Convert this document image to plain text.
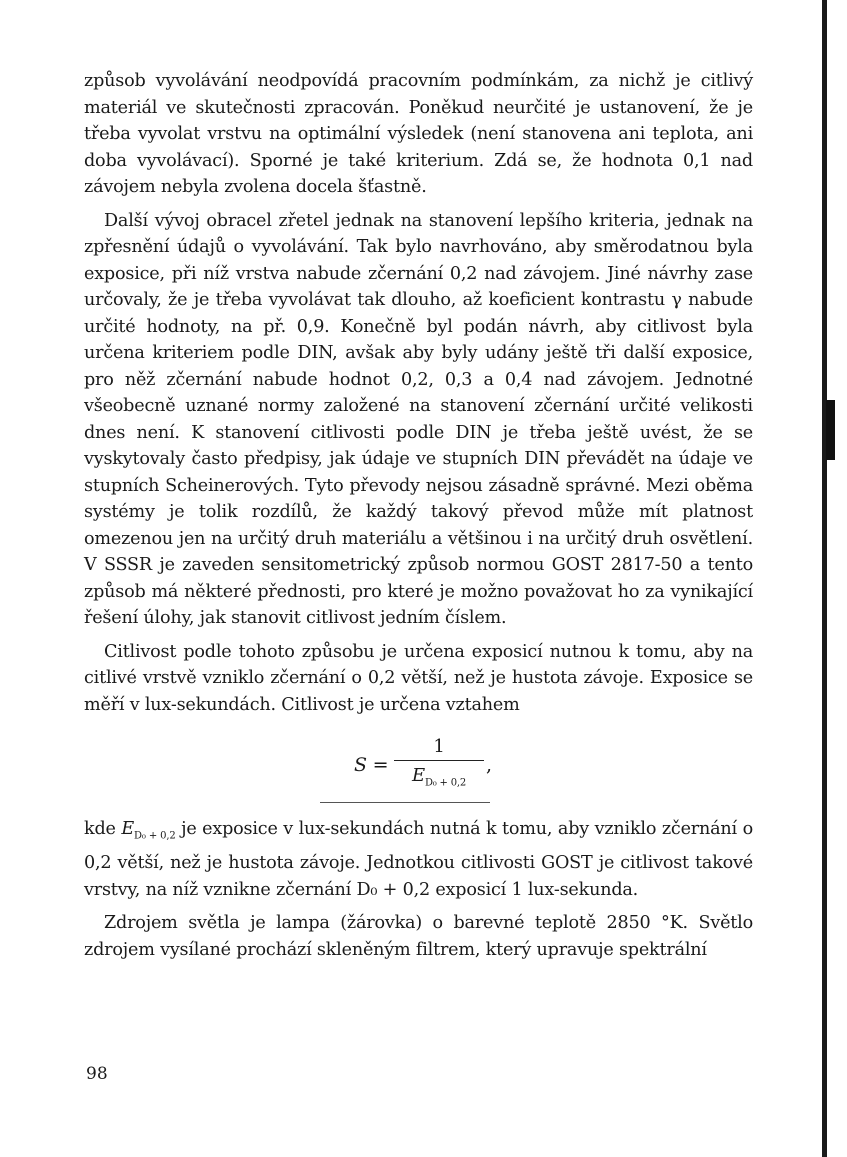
způsob vyvolávání neodpovídá pracovním podmínkám, za nichž je citlivý materiál ve skutečnosti zpracován. Poněkud neurčité je ustanovení, že je třeba vyvolat vrstvu na optimální výsledek (není stanovena ani teplota, ani doba vyvolávací). Sporné je také kriterium. Zdá se, že hodnota 0,1 nad závojem nebyla zvolena docela šťastně.

Další vývoj obracel zřetel jednak na stanovení lepšího kriteria, jednak na zpřesnění údajů o vyvolávání. Tak bylo navrhováno, aby směrodatnou byla exposice, při níž vrstva nabude zčernání 0,2 nad závojem. Jiné návrhy zase určovaly, že je třeba vyvolávat tak dlouho, až koeficient kontrastu γ nabude určité hodnoty, na př. 0,9. Konečně byl podán návrh, aby citlivost byla určena kriteriem podle DIN, avšak aby byly udány ještě tři další exposice, pro něž zčernání nabude hodnot 0,2, 0,3 a 0,4 nad závojem. Jednotné všeobecně uznané normy založené na stanovení zčernání určité velikosti dnes není. K stanovení citlivosti podle DIN je třeba ještě uvést, že se vyskytovaly často předpisy, jak údaje ve stupních DIN převádět na údaje ve stupních Scheinerových. Tyto převody nejsou zásadně správné. Mezi oběma systémy je tolik rozdílů, že každý takový převod může mít platnost omezenou jen na určitý druh materiálu a většinou i na určitý druh osvětlení. V SSSR je zaveden sensitometrický způsob normou GOST 2817-50 a tento způsob má některé přednosti, pro které je možno považovat ho za vynikající řešení úlohy, jak stanovit citlivost jedním číslem.

Citlivost podle tohoto způsobu je určena exposicí nutnou k tomu, aby na citlivé vrstvě vzniklo zčernání o 0,2 větší, než je hustota závoje. Exposice se měří v lux-sekundách. Citlivost je určena vztahem

S =
1
$E_{D_0 + 0,2}$
,

kde $E_{D_0 + 0,2}$ je exposice v lux-sekundách nutná k tomu, aby vzniklo zčernání o 0,2 větší, než je hustota závoje. Jednotkou citlivosti GOST je citlivost takové vrstvy, na níž vznikne zčernání D₀ + 0,2 exposicí 1 lux-sekunda.

Zdrojem světla je lampa (žárovka) o barevné teplotě 2850 °K. Světlo zdrojem vysílané prochází skleněným filtrem, který upravuje spektrální

98
